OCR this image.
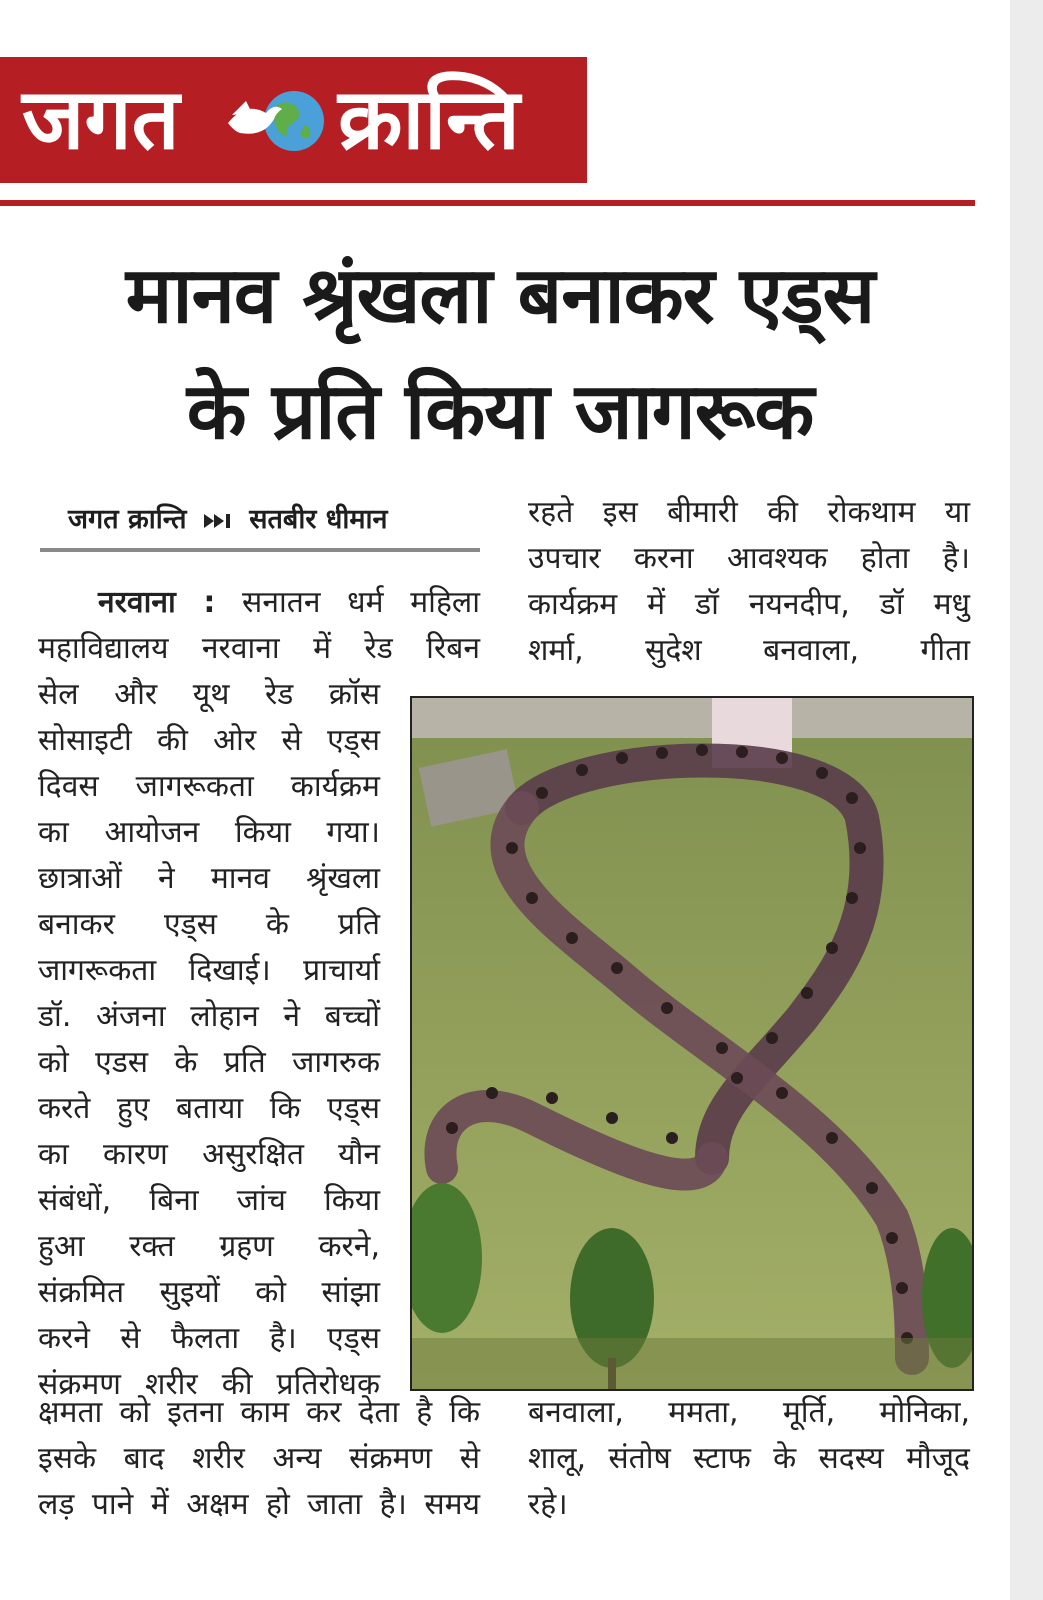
जगत क्रान्ति
मानव श्रृंखला बनाकर एड्स
के प्रति किया जागरूक
जगत क्रान्ति सतबीर धीमान
नरवाना : सनातन धर्म महिला
महाविद्यालय नरवाना में रेड रिबन
सेल और यूथ रेड क्रॉस
सोसाइटी की ओर से एड्स
दिवस जागरूकता कार्यक्रम
का आयोजन किया गया।
छात्राओं ने मानव श्रृंखला
बनाकर एड्स के प्रति
जागरूकता दिखाई। प्राचार्या
डॉ. अंजना लोहान ने बच्चों
को एडस के प्रति जागरुक
करते हुए बताया कि एड्स
का कारण असुरक्षित यौन
संबंधों, बिना जांच किया
हुआ रक्त ग्रहण करने,
संक्रमित सुइयों को सांझा
करने से फैलता है। एड्स
संक्रमण शरीर की प्रतिरोधक
क्षमता को इतना काम कर देता है कि
इसके बाद शरीर अन्य संक्रमण से
लड़ पाने में अक्षम हो जाता है। समय
रहते इस बीमारी की रोकथाम या
उपचार करना आवश्यक होता है।
कार्यक्रम में डॉ नयनदीप, डॉ मधु
शर्मा, सुदेश बनवाला, गीता
बनवाला, ममता, मूर्ति, मोनिका,
शालू, संतोष स्टाफ के सदस्य मौजूद
रहे।
